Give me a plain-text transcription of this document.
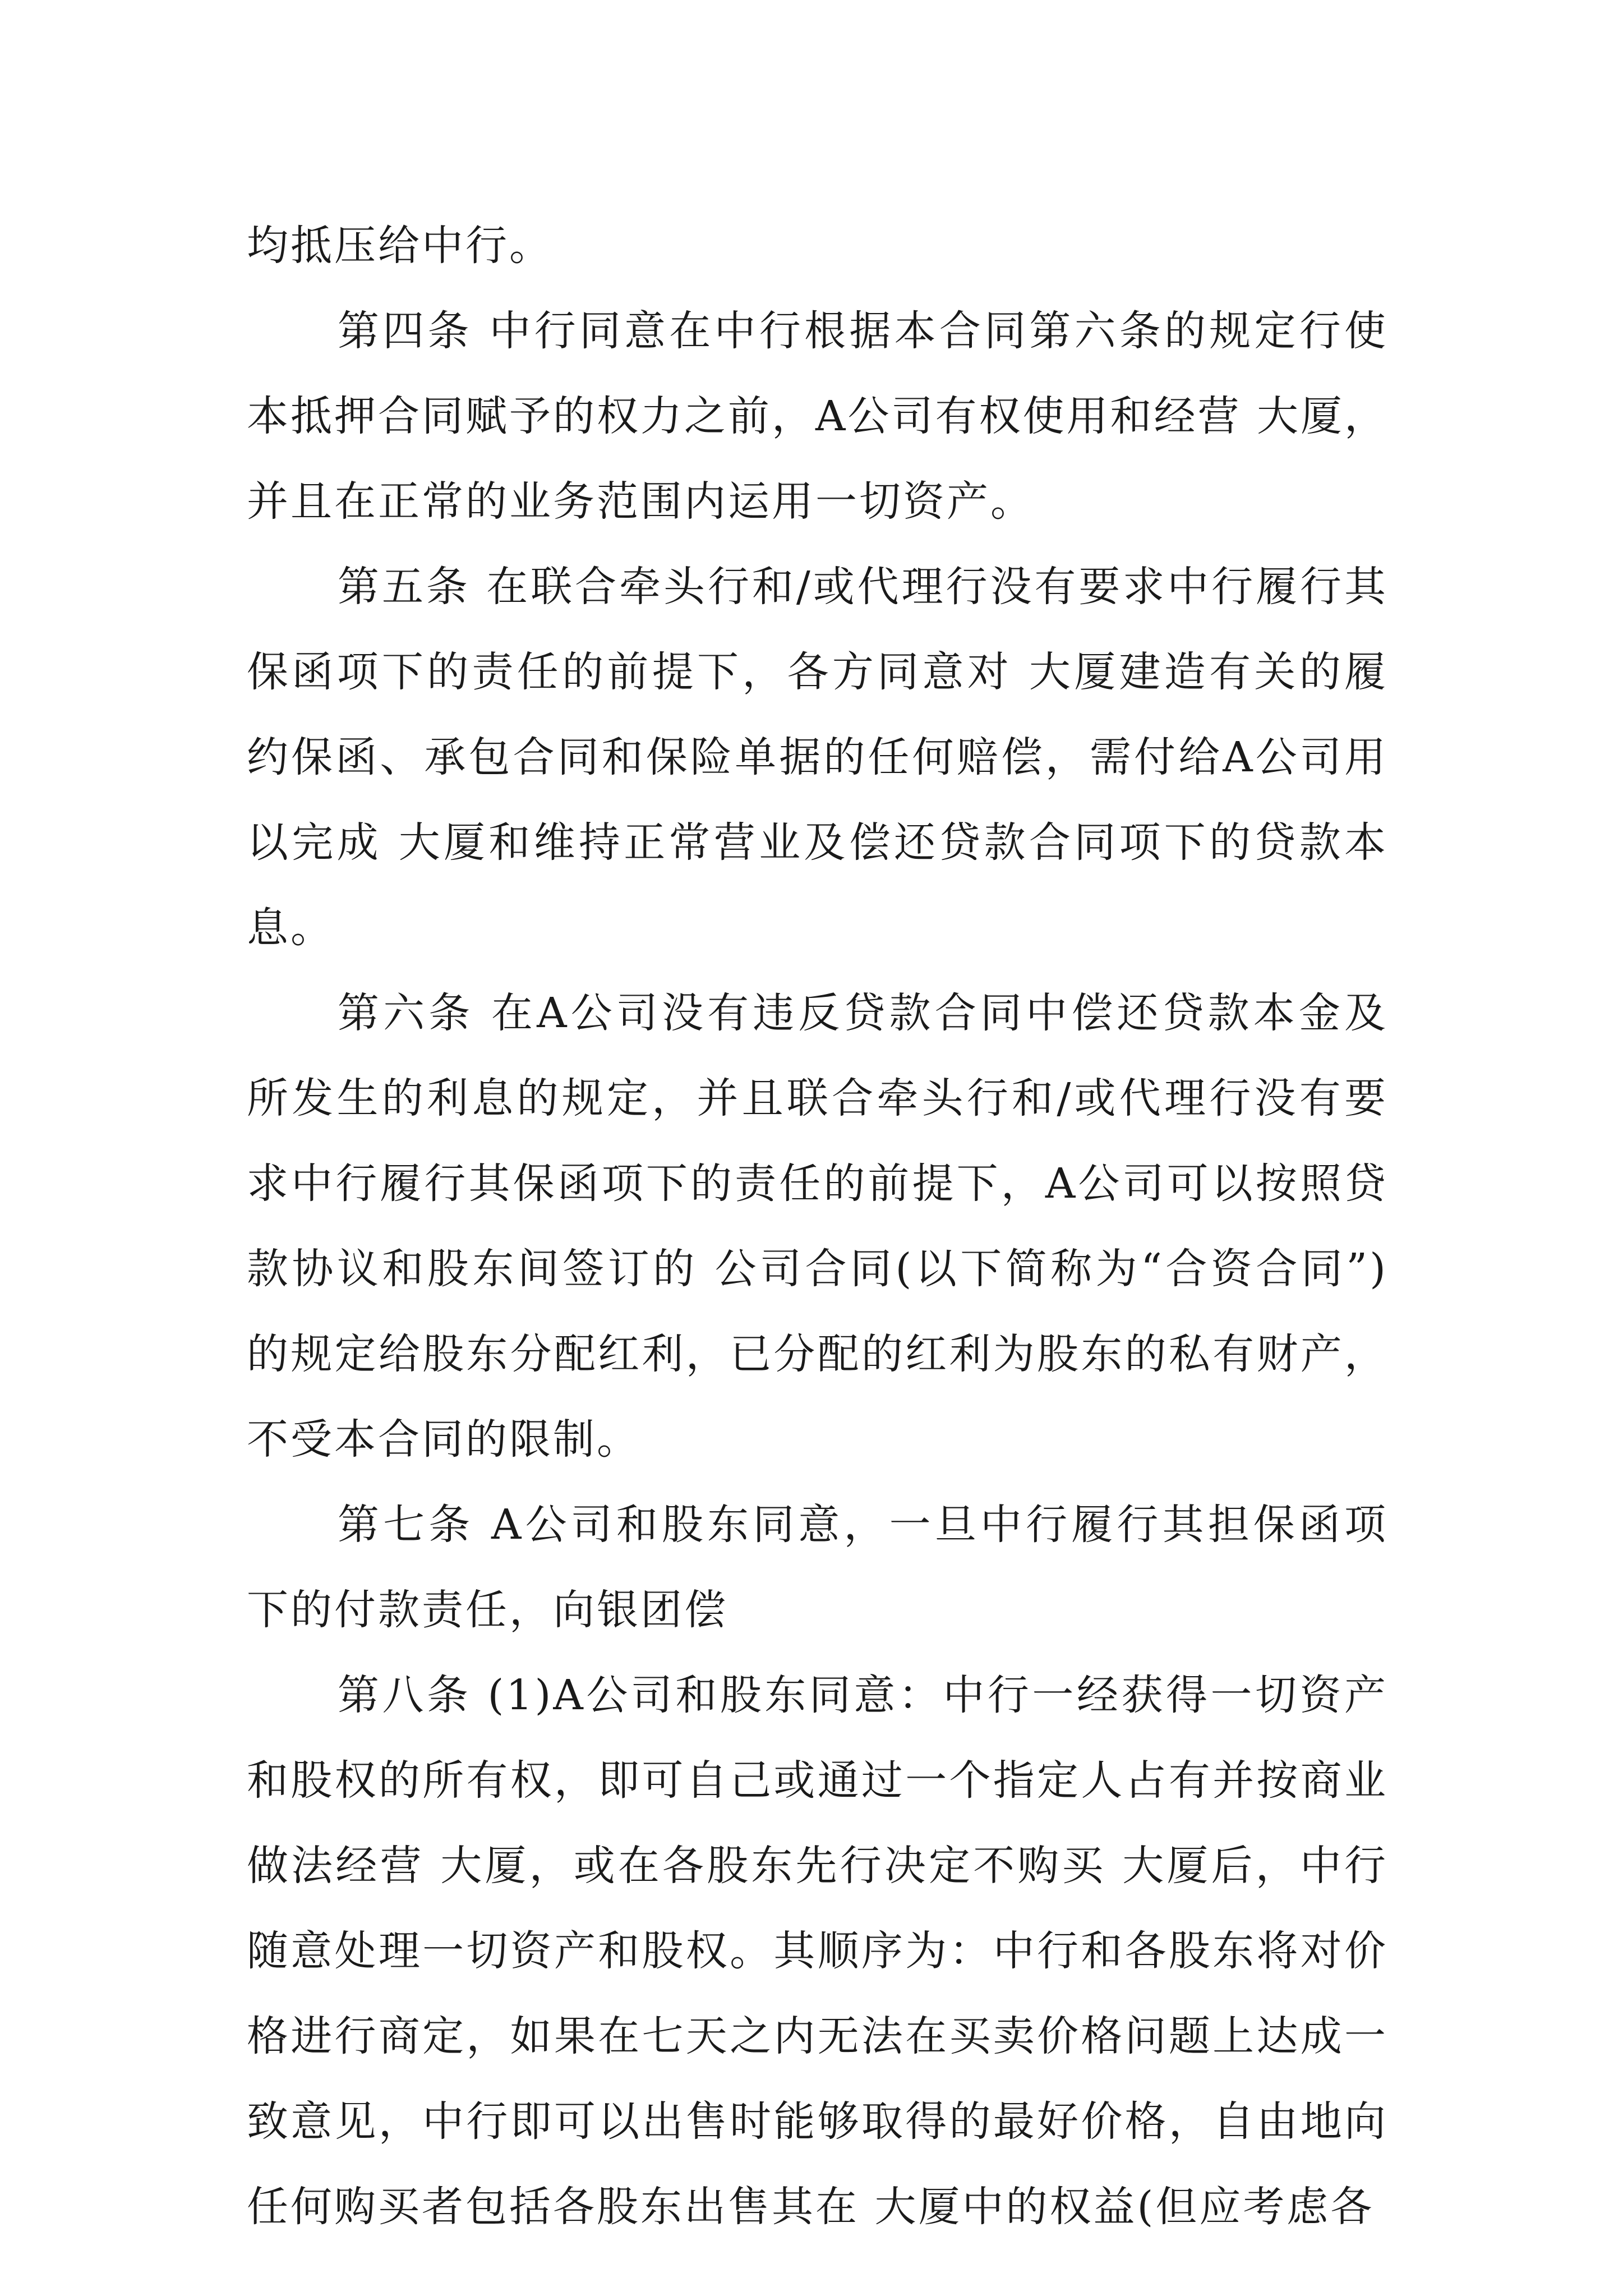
均抵压给中行。

第四条 中行同意在中行根据本合同第六条的规定行使本抵押合同赋予的权力之前，A公司有权使用和经营 大厦，并且在正常的业务范围内运用一切资产。

第五条 在联合牵头行和/或代理行没有要求中行履行其保函项下的责任的前提下，各方同意对 大厦建造有关的履约保函、承包合同和保险单据的任何赔偿，需付给A公司用以完成 大厦和维持正常营业及偿还贷款合同项下的贷款本息。

第六条 在A公司没有违反贷款合同中偿还贷款本金及所发生的利息的规定，并且联合牵头行和/或代理行没有要求中行履行其保函项下的责任的前提下，A公司可以按照贷款协议和股东间签订的 公司合同(以下简称为“合资合同”)的规定给股东分配红利，已分配的红利为股东的私有财产，不受本合同的限制。

第七条 A公司和股东同意，一旦中行履行其担保函项下的付款责任，向银团偿

第八条 (1)A公司和股东同意：中行一经获得一切资产和股权的所有权，即可自己或通过一个指定人占有并按商业做法经营 大厦，或在各股东先行决定不购买 大厦后，中行随意处理一切资产和股权。其顺序为：中行和各股东将对价格进行商定，如果在七天之内无法在买卖价格问题上达成一致意见，中行即可以出售时能够取得的最好价格，自由地向任何购买者包括各股东出售其在 大厦中的权益(但应考虑各
